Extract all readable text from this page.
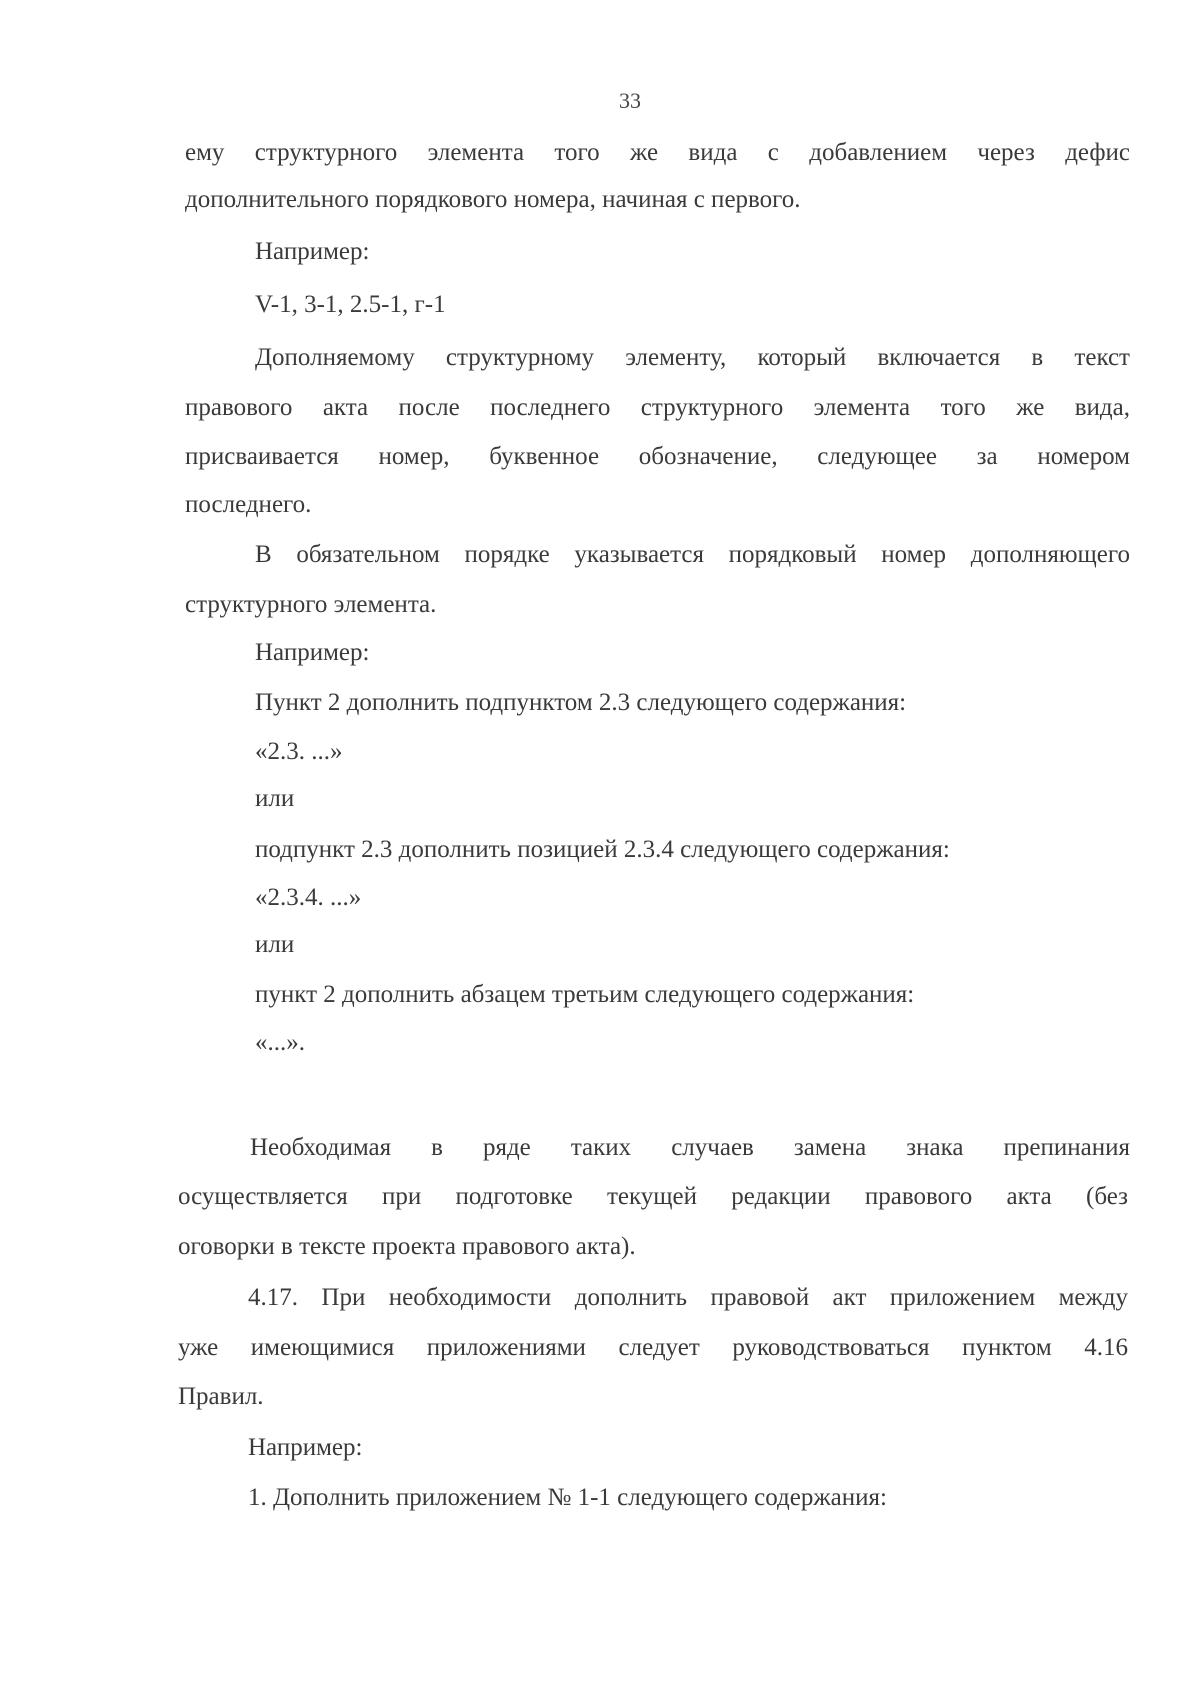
33
ему структурного элемента того же вида с добавлением через дефис
дополнительного порядкового номера, начиная с первого.
Например:
V-1, 3-1, 2.5-1, г-1
Дополняемому структурному элементу, который включается в текст
правового акта после последнего структурного элемента того же вида,
присваивается номер, буквенное обозначение, следующее за номером
последнего.
В обязательном порядке указывается порядковый номер дополняющего
структурного элемента.
Например:
Пункт 2 дополнить подпунктом 2.3 следующего содержания:
«2.3. ...»
или
подпункт 2.3 дополнить позицией 2.3.4 следующего содержания:
«2.3.4. ...»
или
пункт 2 дополнить абзацем третьим следующего содержания:
«...».
Необходимая в ряде таких случаев замена знака препинания
осуществляется при подготовке текущей редакции правового акта (без
оговорки в тексте проекта правового акта).
4.17. При необходимости дополнить правовой акт приложением между
уже имеющимися приложениями следует руководствоваться пунктом 4.16
Правил.
Например:
1. Дополнить приложением № 1-1 следующего содержания:
